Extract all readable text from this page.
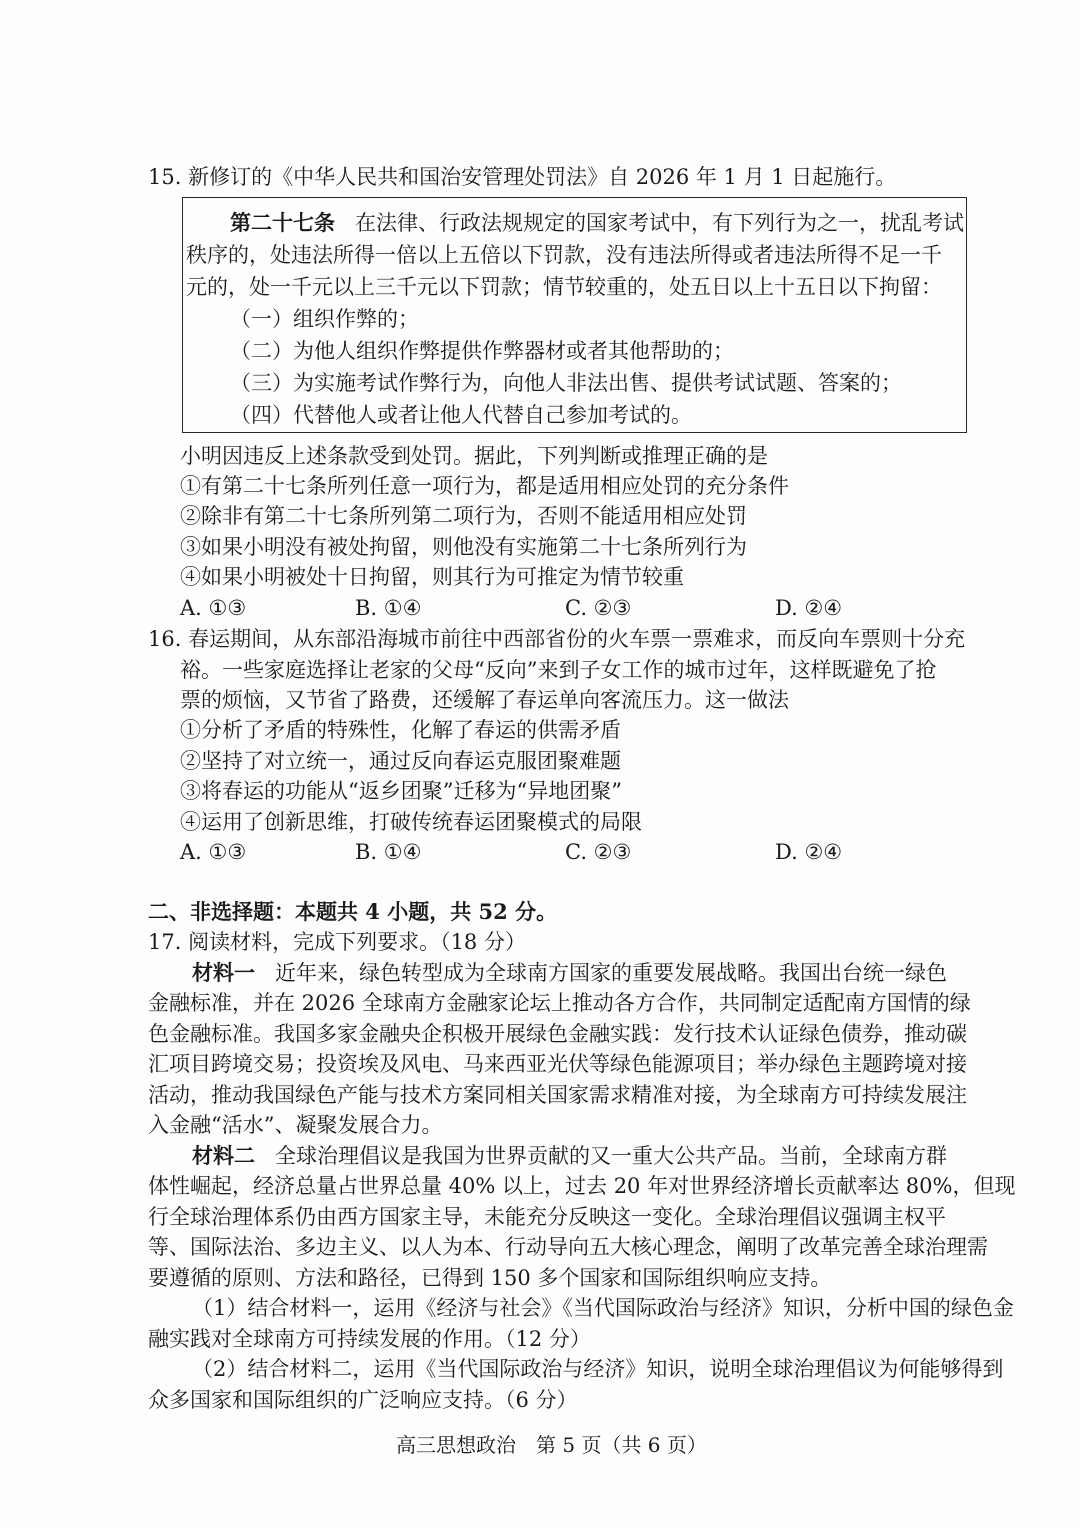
15. 新修订的《中华人民共和国治安管理处罚法》自 2026 年 1 月 1 日起施行。
第二十七条 在法律、行政法规规定的国家考试中，有下列行为之一，扰乱考试
秩序的，处违法所得一倍以上五倍以下罚款，没有违法所得或者违法所得不足一千
元的，处一千元以上三千元以下罚款；情节较重的，处五日以上十五日以下拘留：
（一）组织作弊的；
（二）为他人组织作弊提供作弊器材或者其他帮助的；
（三）为实施考试作弊行为，向他人非法出售、提供考试试题、答案的；
（四）代替他人或者让他人代替自己参加考试的。
小明因违反上述条款受到处罚。据此，下列判断或推理正确的是
①有第二十七条所列任意一项行为，都是适用相应处罚的充分条件
②除非有第二十七条所列第二项行为，否则不能适用相应处罚
③如果小明没有被处拘留，则他没有实施第二十七条所列行为
④如果小明被处十日拘留，则其行为可推定为情节较重
A. ①③	B. ①④	C. ②③	D. ②④
16. 春运期间，从东部沿海城市前往中西部省份的火车票一票难求，而反向车票则十分充
裕。一些家庭选择让老家的父母“反向”来到子女工作的城市过年，这样既避免了抢
票的烦恼，又节省了路费，还缓解了春运单向客流压力。这一做法
①分析了矛盾的特殊性，化解了春运的供需矛盾
②坚持了对立统一，通过反向春运克服团聚难题
③将春运的功能从“返乡团聚”迁移为“异地团聚”
④运用了创新思维，打破传统春运团聚模式的局限
A. ①③	B. ①④	C. ②③	D. ②④
二、非选择题：本题共 4 小题，共 52 分。
17. 阅读材料，完成下列要求。（18 分）
材料一 近年来，绿色转型成为全球南方国家的重要发展战略。我国出台统一绿色
金融标准，并在 2026 全球南方金融家论坛上推动各方合作，共同制定适配南方国情的绿
色金融标准。我国多家金融央企积极开展绿色金融实践：发行技术认证绿色债券，推动碳
汇项目跨境交易；投资埃及风电、马来西亚光伏等绿色能源项目；举办绿色主题跨境对接
活动，推动我国绿色产能与技术方案同相关国家需求精准对接，为全球南方可持续发展注
入金融“活水”、凝聚发展合力。
材料二 全球治理倡议是我国为世界贡献的又一重大公共产品。当前，全球南方群
体性崛起，经济总量占世界总量 40% 以上，过去 20 年对世界经济增长贡献率达 80%，但现
行全球治理体系仍由西方国家主导，未能充分反映这一变化。全球治理倡议强调主权平
等、国际法治、多边主义、以人为本、行动导向五大核心理念，阐明了改革完善全球治理需
要遵循的原则、方法和路径，已得到 150 多个国家和国际组织响应支持。
（1）结合材料一，运用《经济与社会》《当代国际政治与经济》知识，分析中国的绿色金
融实践对全球南方可持续发展的作用。（12 分）
（2）结合材料二，运用《当代国际政治与经济》知识，说明全球治理倡议为何能够得到
众多国家和国际组织的广泛响应支持。（6 分）
高三思想政治　第 5 页（共 6 页）
